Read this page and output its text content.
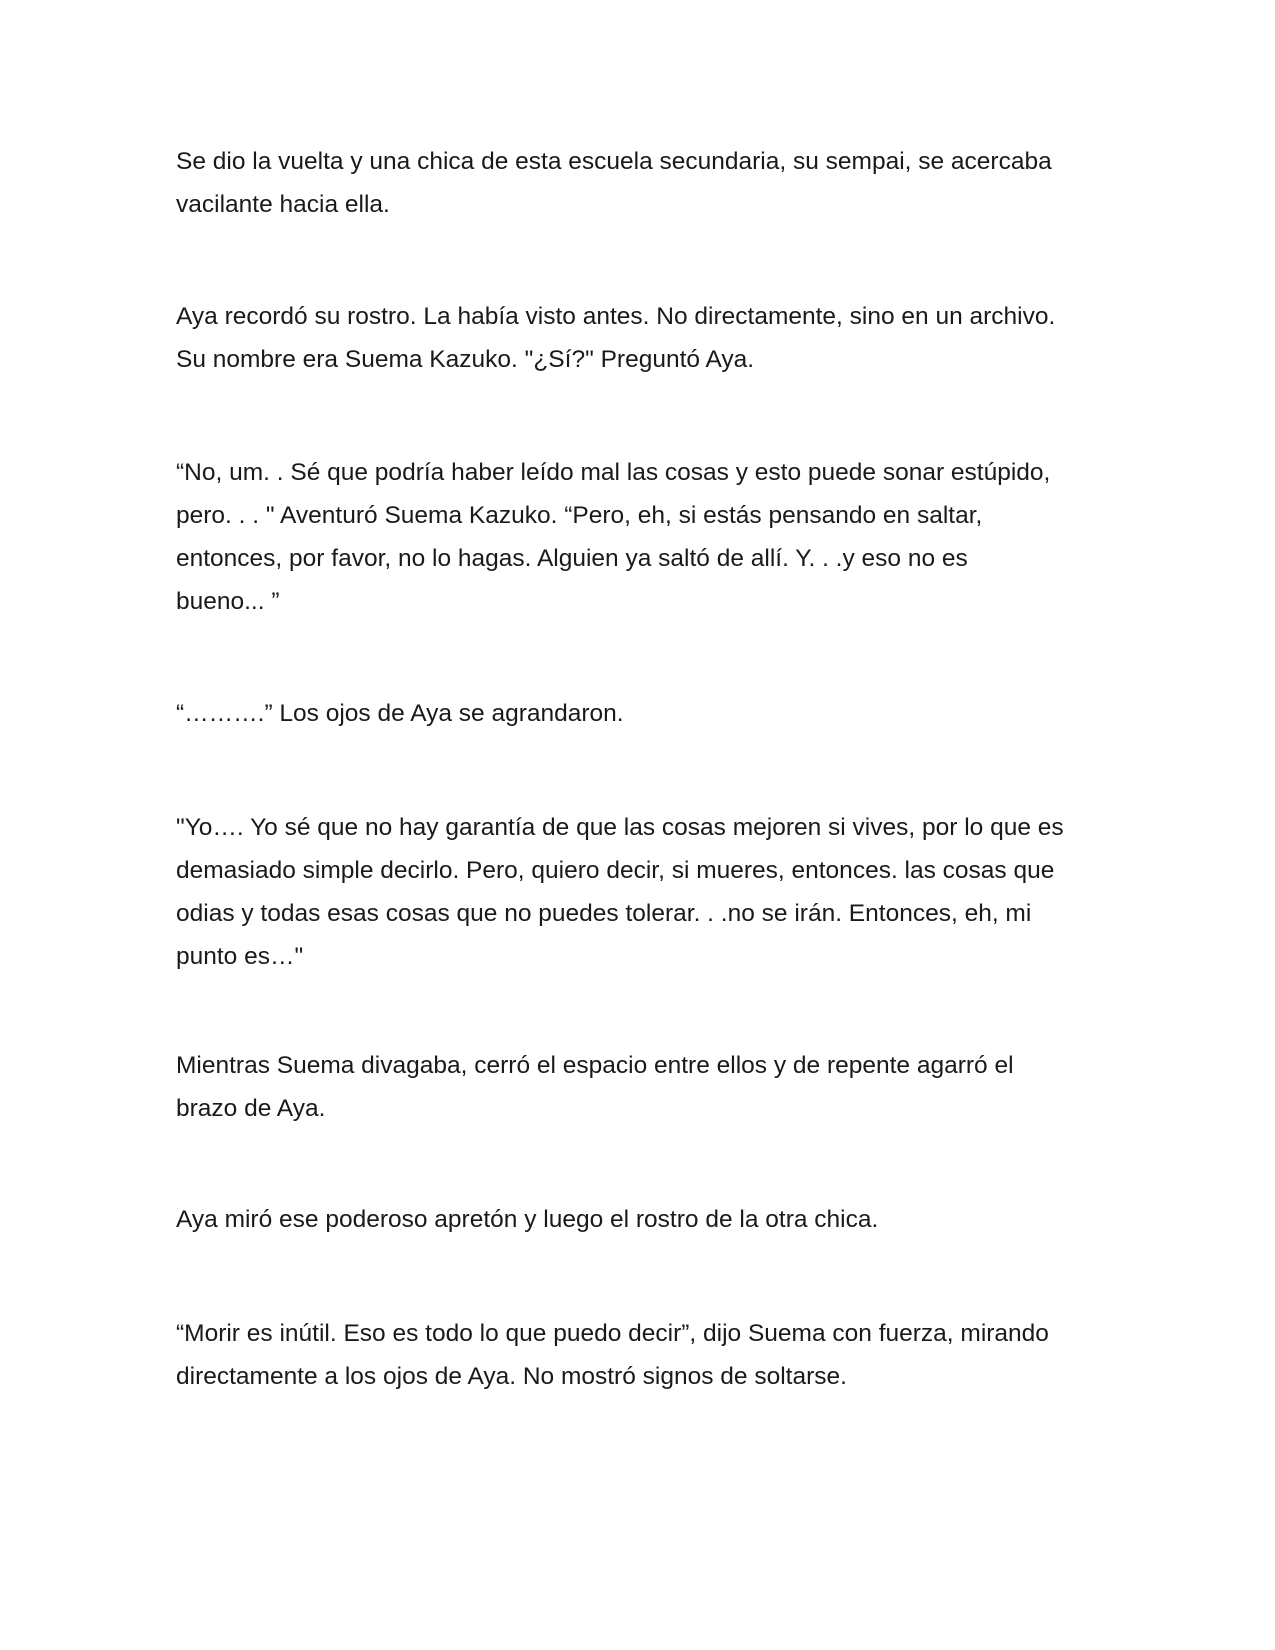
Se dio la vuelta y una chica de esta escuela secundaria, su sempai, se acercaba
vacilante hacia ella.

Aya recordó su rostro. La había visto antes. No directamente, sino en un archivo.
Su nombre era Suema Kazuko. "¿Sí?" Preguntó Aya.

“No, um. . Sé que podría haber leído mal las cosas y esto puede sonar estúpido,
pero. . . " Aventuró Suema Kazuko. “Pero, eh, si estás pensando en saltar,
entonces, por favor, no lo hagas. Alguien ya saltó de allí. Y. . .y eso no es
bueno... ”

“……….” Los ojos de Aya se agrandaron.

"Yo…. Yo sé que no hay garantía de que las cosas mejoren si vives, por lo que es
demasiado simple decirlo. Pero, quiero decir, si mueres, entonces. las cosas que
odias y todas esas cosas que no puedes tolerar. . .no se irán. Entonces, eh, mi
punto es…"

Mientras Suema divagaba, cerró el espacio entre ellos y de repente agarró el
brazo de Aya.

Aya miró ese poderoso apretón y luego el rostro de la otra chica.

“Morir es inútil. Eso es todo lo que puedo decir”, dijo Suema con fuerza, mirando
directamente a los ojos de Aya. No mostró signos de soltarse.
